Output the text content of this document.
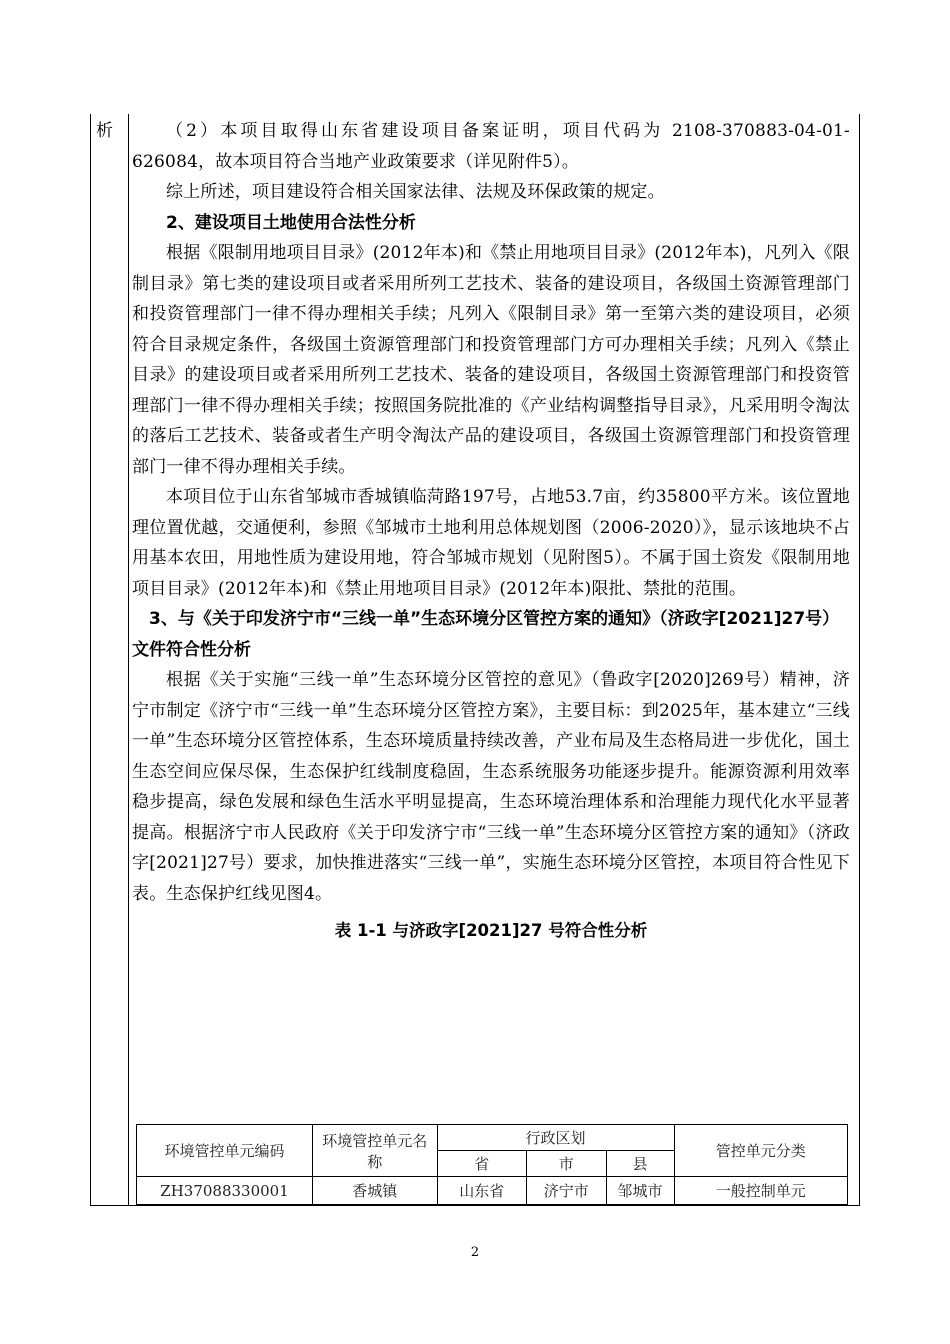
析	（2）本项目取得山东省建设项目备案证明，项目代码为 2108-370883-04-01-626084，故本项目符合当地产业政策要求（详见附件5）。

综上所述，项目建设符合相关国家法律、法规及环保政策的规定。

2、建设项目土地使用合法性分析

根据《限制用地项目目录》(2012年本)和《禁止用地项目目录》(2012年本)，凡列入《限制目录》第七类的建设项目或者采用所列工艺技术、装备的建设项目，各级国土资源管理部门和投资管理部门一律不得办理相关手续；凡列入《限制目录》第一至第六类的建设项目，必须符合目录规定条件，各级国土资源管理部门和投资管理部门方可办理相关手续；凡列入《禁止目录》的建设项目或者采用所列工艺技术、装备的建设项目，各级国土资源管理部门和投资管理部门一律不得办理相关手续；按照国务院批准的《产业结构调整指导目录》，凡采用明令淘汰的落后工艺技术、装备或者生产明令淘汰产品的建设项目，各级国土资源管理部门和投资管理部门一律不得办理相关手续。

本项目位于山东省邹城市香城镇临菏路197号，占地53.7亩，约35800平方米。该位置地理位置优越，交通便利，参照《邹城市土地利用总体规划图（2006-2020）》，显示该地块不占用基本农田，用地性质为建设用地，符合邹城市规划（见附图5）。不属于国土资发《限制用地项目目录》(2012年本)和《禁止用地项目目录》(2012年本)限批、禁批的范围。

3、与《关于印发济宁市“三线一单”生态环境分区管控方案的通知》（济政字[2021]27号）文件符合性分析

根据《关于实施“三线一单”生态环境分区管控的意见》（鲁政字[2020]269号）精神，济宁市制定《济宁市“三线一单”生态环境分区管控方案》，主要目标：到2025年，基本建立“三线一单”生态环境分区管控体系，生态环境质量持续改善，产业布局及生态格局进一步优化，国土生态空间应保尽保，生态保护红线制度稳固，生态系统服务功能逐步提升。能源资源利用效率稳步提高，绿色发展和绿色生活水平明显提高，生态环境治理体系和治理能力现代化水平显著提高。根据济宁市人民政府《关于印发济宁市“三线一单”生态环境分区管控方案的通知》（济政字[2021]27号）要求，加快推进落实“三线一单”，实施生态环境分区管控，本项目符合性见下表。生态保护红线见图4。

表 1-1 与济政字[2021]27 号符合性分析
环境管控单元编码	环境管控单元名称	行政区划			管控单元分类
		省	市	县	
ZH37088330001	香城镇	山东省	济宁市	邹城市	一般控制单元
2
